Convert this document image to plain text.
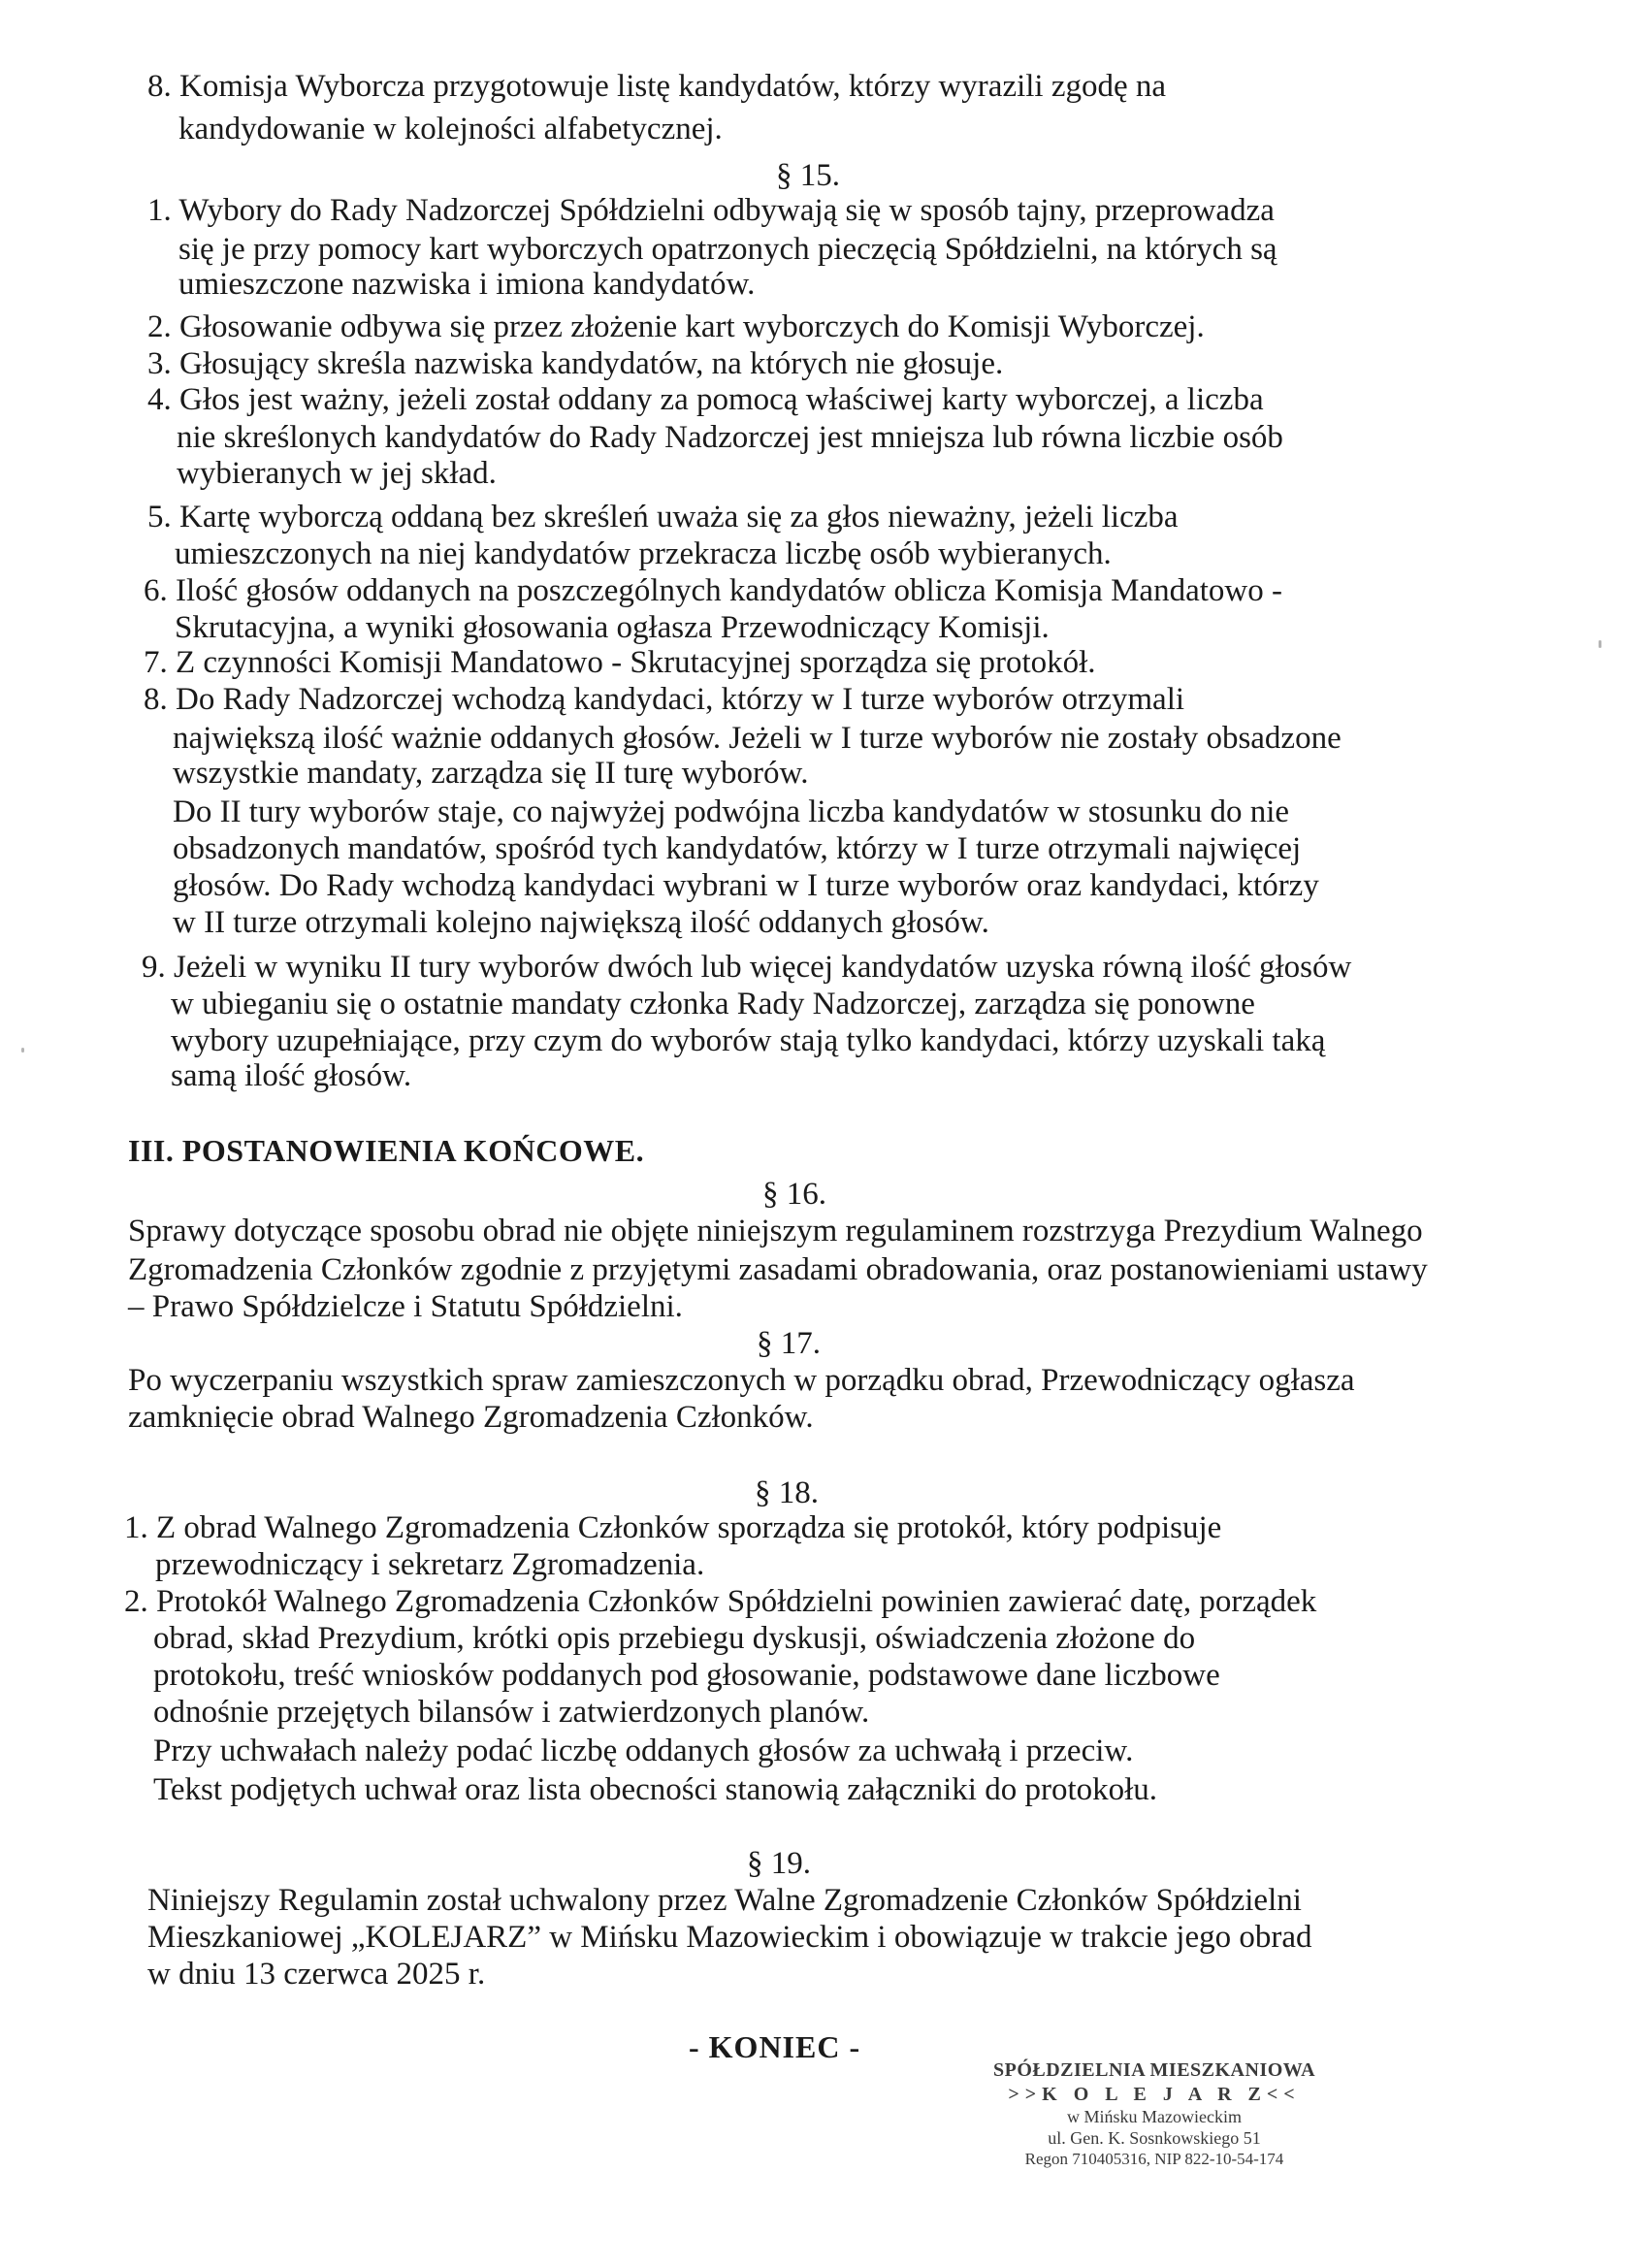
8. Komisja Wyborcza przygotowuje listę kandydatów, którzy wyrazili zgodę na
kandydowanie w kolejności alfabetycznej.
§ 15.
1. Wybory do Rady Nadzorczej Spółdzielni odbywają się w sposób tajny, przeprowadza
się je przy pomocy kart wyborczych opatrzonych pieczęcią Spółdzielni, na których są
umieszczone nazwiska i imiona kandydatów.
2. Głosowanie odbywa się przez złożenie kart wyborczych do Komisji Wyborczej.
3. Głosujący skreśla nazwiska kandydatów, na których nie głosuje.
4. Głos jest ważny, jeżeli został oddany za pomocą właściwej karty wyborczej, a liczba
nie skreślonych kandydatów do Rady Nadzorczej jest mniejsza lub równa liczbie osób
wybieranych w jej skład.
5. Kartę wyborczą oddaną bez skreśleń uważa się za głos nieważny, jeżeli liczba
umieszczonych na niej kandydatów przekracza liczbę osób wybieranych.
6. Ilość głosów oddanych na poszczególnych kandydatów oblicza Komisja Mandatowo -
Skrutacyjna, a wyniki głosowania ogłasza Przewodniczący Komisji.
7. Z czynności Komisji Mandatowo - Skrutacyjnej sporządza się protokół.
8. Do Rady Nadzorczej wchodzą kandydaci, którzy w I turze wyborów otrzymali
największą ilość ważnie oddanych głosów. Jeżeli w I turze wyborów nie zostały obsadzone
wszystkie mandaty, zarządza się II turę wyborów.
Do II tury wyborów staje, co najwyżej podwójna liczba kandydatów w stosunku do nie
obsadzonych mandatów, spośród tych kandydatów, którzy w I turze otrzymali najwięcej
głosów. Do Rady wchodzą kandydaci wybrani w I turze wyborów oraz kandydaci, którzy
w II turze otrzymali kolejno największą ilość oddanych głosów.
9. Jeżeli w wyniku II tury wyborów dwóch lub więcej kandydatów uzyska równą ilość głosów
w ubieganiu się o ostatnie mandaty członka Rady Nadzorczej, zarządza się ponowne
wybory uzupełniające, przy czym do wyborów stają tylko kandydaci, którzy uzyskali taką
samą ilość głosów.
III. POSTANOWIENIA KOŃCOWE.
§ 16.
Sprawy dotyczące sposobu obrad nie objęte niniejszym regulaminem rozstrzyga Prezydium Walnego
Zgromadzenia Członków zgodnie z przyjętymi zasadami obradowania, oraz postanowieniami ustawy
– Prawo Spółdzielcze i Statutu Spółdzielni.
§ 17.
Po wyczerpaniu wszystkich spraw zamieszczonych w porządku obrad, Przewodniczący ogłasza
zamknięcie obrad Walnego Zgromadzenia Członków.
§ 18.
1. Z obrad Walnego Zgromadzenia Członków sporządza się protokół, który podpisuje
przewodniczący i sekretarz Zgromadzenia.
2. Protokół Walnego Zgromadzenia Członków Spółdzielni powinien zawierać datę, porządek
obrad, skład Prezydium, krótki opis przebiegu dyskusji, oświadczenia złożone do
protokołu, treść wniosków poddanych pod głosowanie, podstawowe dane liczbowe
odnośnie przejętych bilansów i zatwierdzonych planów.
Przy uchwałach należy podać liczbę oddanych głosów za uchwałą i przeciw.
Tekst podjętych uchwał oraz lista obecności stanowią załączniki do protokołu.
§ 19.
Niniejszy Regulamin został uchwalony przez Walne Zgromadzenie Członków Spółdzielni
Mieszkaniowej „KOLEJARZ” w Mińsku Mazowieckim i obowiązuje w trakcie jego obrad
w dniu 13 czerwca 2025 r.
- KONIEC -
SPÓŁDZIELNIA MIESZKANIOWA
>>K O L E J A R Z<<
w Mińsku Mazowieckim
ul. Gen. K. Sosnkowskiego 51
Regon 710405316, NIP 822-10-54-174
